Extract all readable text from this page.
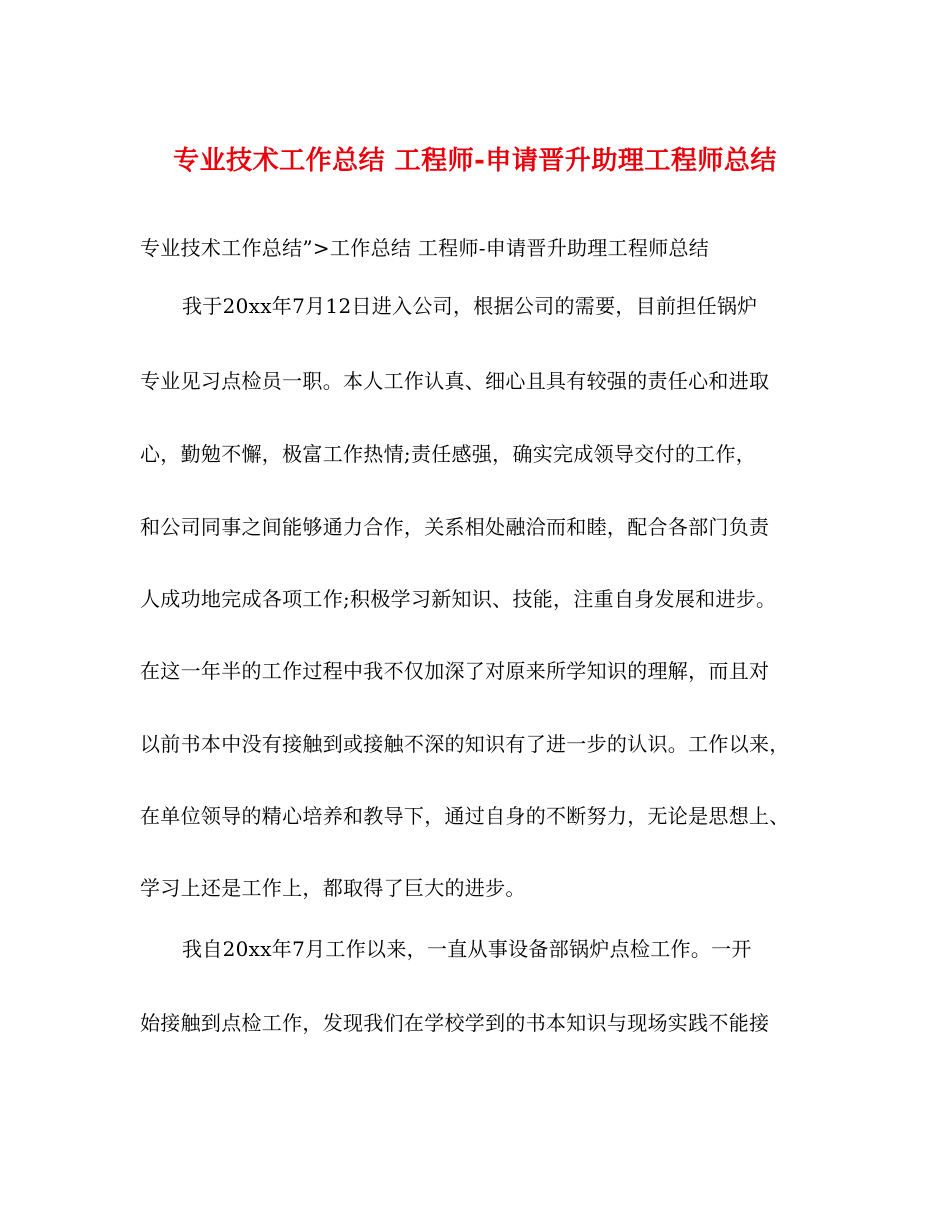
专业技术工作总结 工程师-申请晋升助理工程师总结
专业技术工作总结”>工作总结 工程师-申请晋升助理工程师总结
我于20xx年7月12日进入公司，根据公司的需要，目前担任锅炉
专业见习点检员一职。本人工作认真、细心且具有较强的责任心和进取
心，勤勉不懈，极富工作热情;责任感强，确实完成领导交付的工作，
和公司同事之间能够通力合作，关系相处融洽而和睦，配合各部门负责
人成功地完成各项工作;积极学习新知识、技能，注重自身发展和进步。
在这一年半的工作过程中我不仅加深了对原来所学知识的理解，而且对
以前书本中没有接触到或接触不深的知识有了进一步的认识。工作以来，
在单位领导的精心培养和教导下，通过自身的不断努力，无论是思想上、
学习上还是工作上，都取得了巨大的进步。
我自20xx年7月工作以来，一直从事设备部锅炉点检工作。一开
始接触到点检工作，发现我们在学校学到的书本知识与现场实践不能接
